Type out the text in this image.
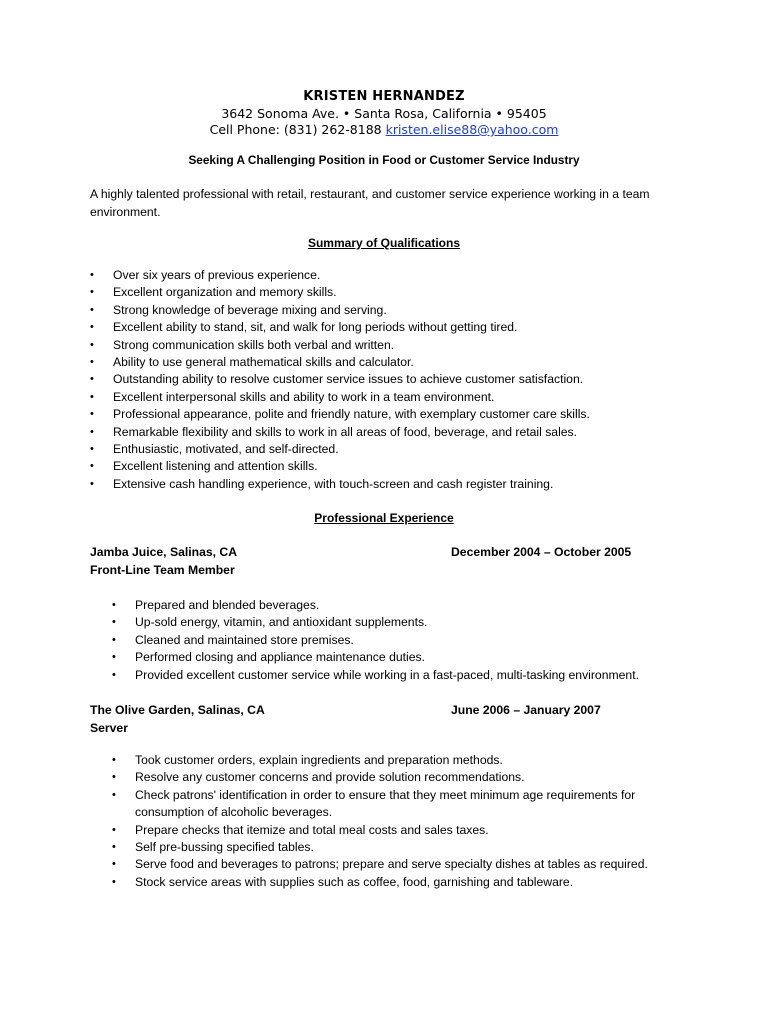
KRISTEN HERNANDEZ
3642 Sonoma Ave. • Santa Rosa, California • 95405
Cell Phone: (831) 262-8188 kristen.elise88@yahoo.com
Seeking A Challenging Position in Food or Customer Service Industry
A highly talented professional with retail, restaurant, and customer service experience working in a team environment.
Summary of Qualifications
• Over six years of previous experience.
• Excellent organization and memory skills.
• Strong knowledge of beverage mixing and serving.
• Excellent ability to stand, sit, and walk for long periods without getting tired.
• Strong communication skills both verbal and written.
• Ability to use general mathematical skills and calculator.
• Outstanding ability to resolve customer service issues to achieve customer satisfaction.
• Excellent interpersonal skills and ability to work in a team environment.
• Professional appearance, polite and friendly nature, with exemplary customer care skills.
• Remarkable flexibility and skills to work in all areas of food, beverage, and retail sales.
• Enthusiastic, motivated, and self-directed.
• Excellent listening and attention skills.
• Extensive cash handling experience, with touch-screen and cash register training.
Professional Experience
Jamba Juice, Salinas, CA
Front-Line Team Member
December 2004 – October 2005
• Prepared and blended beverages.
• Up-sold energy, vitamin, and antioxidant supplements.
• Cleaned and maintained store premises.
• Performed closing and appliance maintenance duties.
• Provided excellent customer service while working in a fast-paced, multi-tasking environment.
The Olive Garden, Salinas, CA
Server
June 2006 – January 2007
• Took customer orders, explain ingredients and preparation methods.
• Resolve any customer concerns and provide solution recommendations.
• Check patrons' identification in order to ensure that they meet minimum age requirements for consumption of alcoholic beverages.
• Prepare checks that itemize and total meal costs and sales taxes.
• Self pre-bussing specified tables.
• Serve food and beverages to patrons; prepare and serve specialty dishes at tables as required.
• Stock service areas with supplies such as coffee, food, garnishing and tableware.
